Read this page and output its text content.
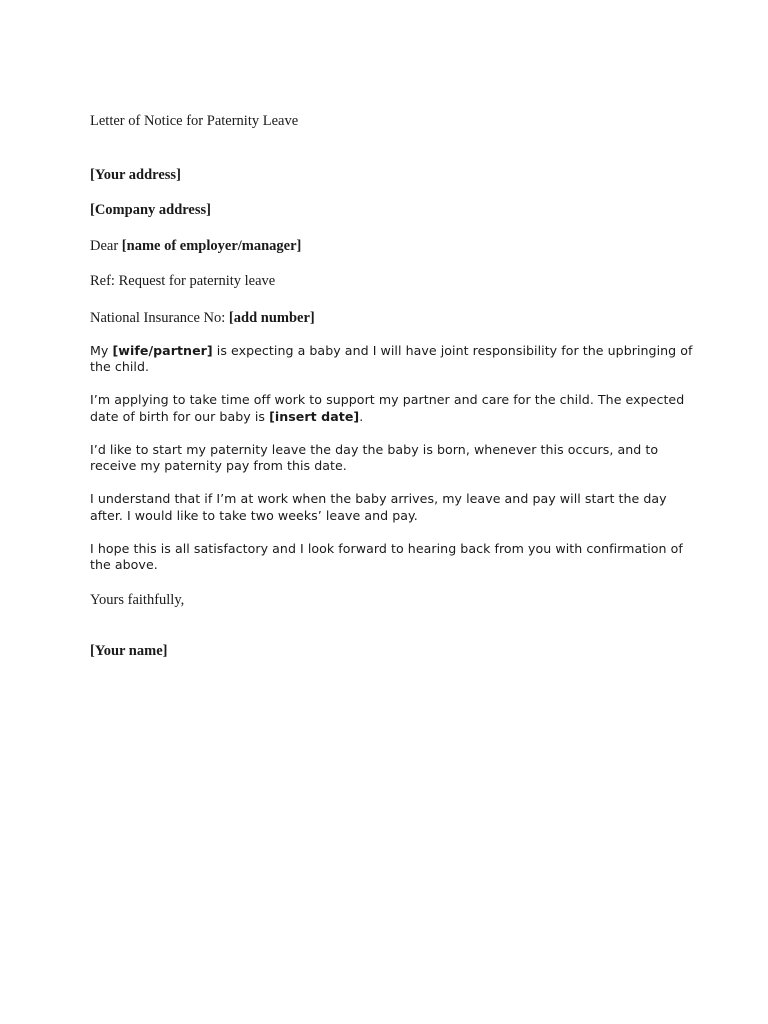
Letter of Notice for Paternity Leave
[Your address]
[Company address]
Dear [name of employer/manager]
Ref: Request for paternity leave
National Insurance No: [add number]
My [wife/partner] is expecting a baby and I will have joint responsibility for the upbringing of
the child.
I’m applying to take time off work to support my partner and care for the child. The expected
date of birth for our baby is [insert date].
I’d like to start my paternity leave the day the baby is born, whenever this occurs, and to
receive my paternity pay from this date.
I understand that if I’m at work when the baby arrives, my leave and pay will start the day
after. I would like to take two weeks’ leave and pay.
I hope this is all satisfactory and I look forward to hearing back from you with confirmation of
the above.
Yours faithfully,
[Your name]
